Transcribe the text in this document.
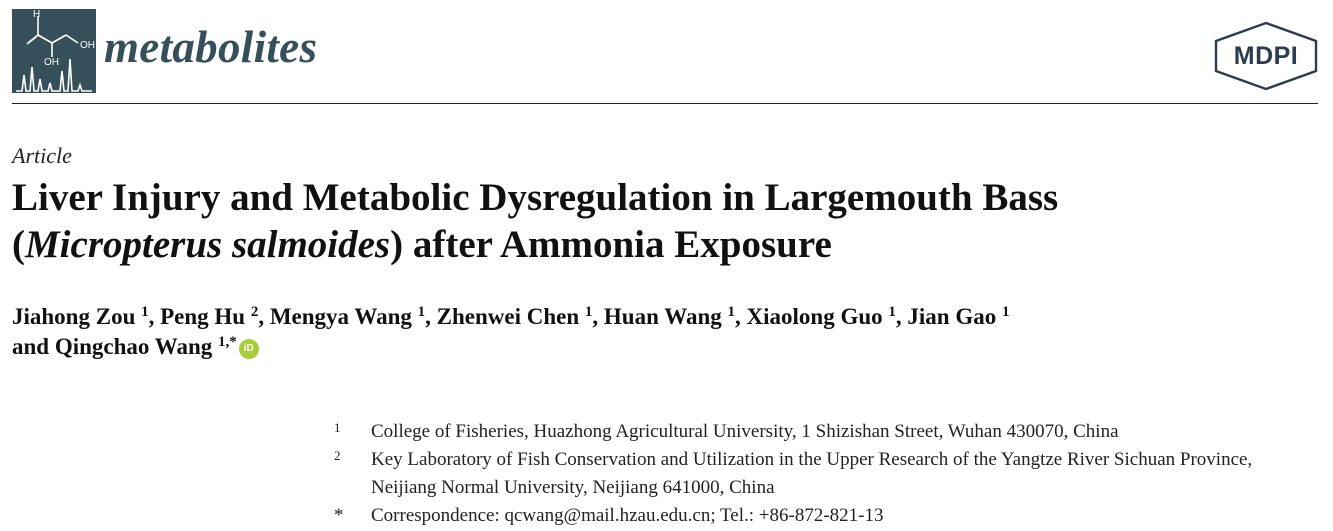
H
OH
OH metabolites	MDPI
Article
Liver Injury and Metabolic Dysregulation in Largemouth Bass
(Micropterus salmoides) after Ammonia Exposure
Jiahong Zou $^1$, Peng Hu $^2$, Mengya Wang $^1$, Zhenwei Chen $^1$, Huan Wang $^1$, Xiaolong Guo $^1$, Jian Gao $^1$
and Qingchao Wang $^{1,*}$ iD
1	College of Fisheries, Huazhong Agricultural University, 1 Shizishan Street, Wuhan 430070, China
2	Key Laboratory of Fish Conservation and Utilization in the Upper Research of the Yangtze River Sichuan Province, Neijiang Normal University, Neijiang 641000, China
*	Correspondence: qcwang@mail.hzau.edu.cn; Tel.: +86-872-821-13
